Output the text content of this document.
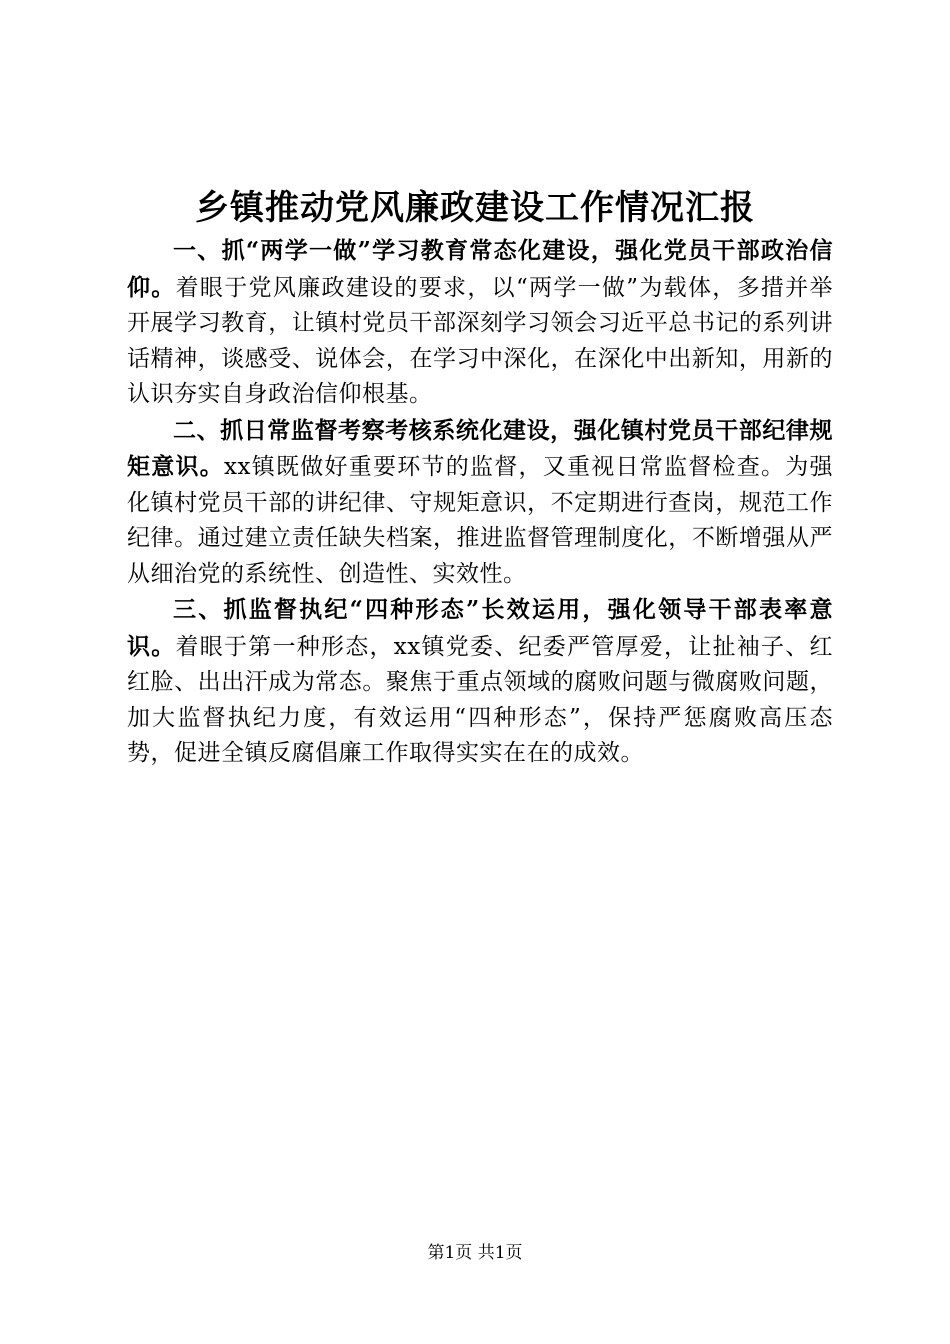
乡镇推动党风廉政建设工作情况汇报

一、抓“两学一做”学习教育常态化建设，强化党员干部政治信仰。着眼于党风廉政建设的要求，以“两学一做”为载体，多措并举开展学习教育，让镇村党员干部深刻学习领会习近平总书记的系列讲话精神，谈感受、说体会，在学习中深化，在深化中出新知，用新的认识夯实自身政治信仰根基。

二、抓日常监督考察考核系统化建设，强化镇村党员干部纪律规矩意识。xx镇既做好重要环节的监督，又重视日常监督检查。为强化镇村党员干部的讲纪律、守规矩意识，不定期进行查岗，规范工作纪律。通过建立责任缺失档案，推进监督管理制度化，不断增强从严从细治党的系统性、创造性、实效性。

三、抓监督执纪“四种形态”长效运用，强化领导干部表率意识。着眼于第一种形态，xx镇党委、纪委严管厚爱，让扯袖子、红红脸、出出汗成为常态。聚焦于重点领域的腐败问题与微腐败问题，加大监督执纪力度，有效运用“四种形态”，保持严惩腐败高压态势，促进全镇反腐倡廉工作取得实实在在的成效。

第1页 共1页
